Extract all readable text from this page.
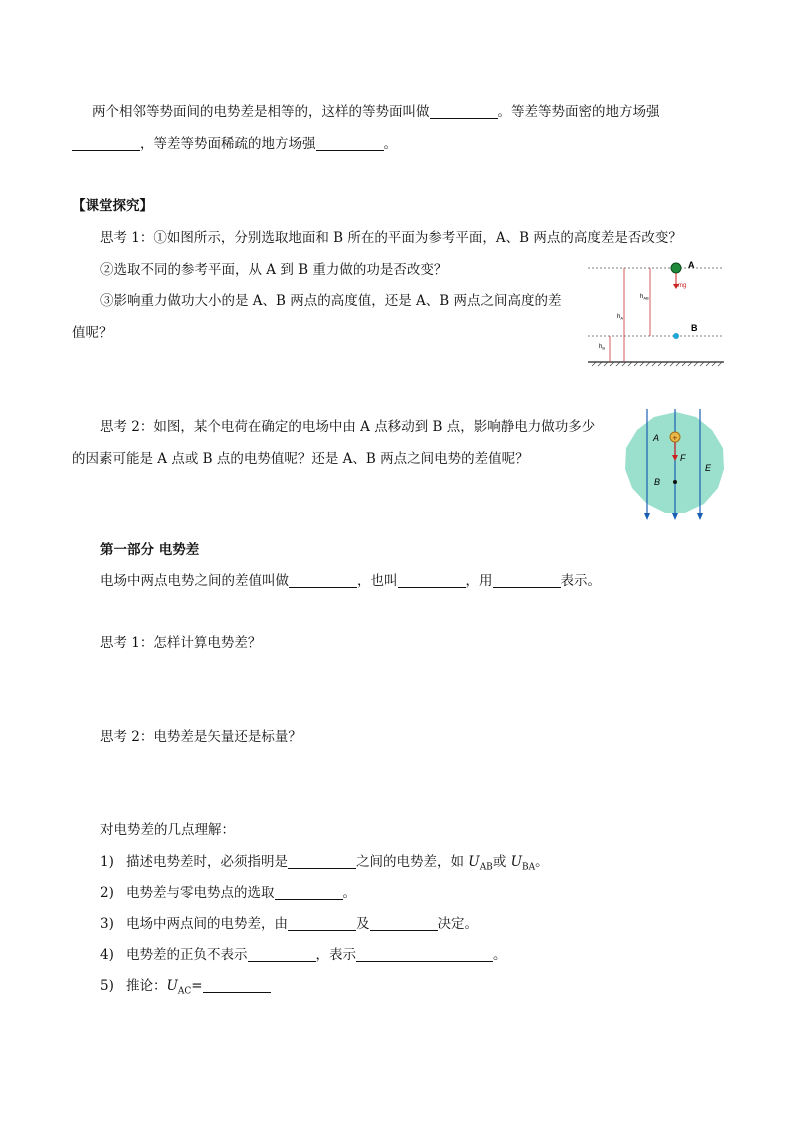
两个相邻等势面间的电势差是相等的，这样的等势面叫做	。等差等势面密的地方场强
，等差等势面稀疏的地方场强	。
【课堂探究】
思考 1：①如图所示，分别选取地面和 B 所在的平面为参考平面，A、B 两点的高度差是否改变？
②选取不同的参考平面，从 A 到 B 重力做的功是否改变？
③影响重力做功大小的是 A、B 两点的高度值，还是 A、B 两点之间高度的差
值呢？
mg
A
B
$h_{AB}$
$h_A$
$h_B$
思考 2：如图，某个电荷在确定的电场中由 A 点移动到 B 点，影响静电力做功多少
的因素可能是 A 点或 B 点的电势值呢？还是 A、B 两点之间电势的差值呢？
+
A
F
B
E
第一部分 电势差
电场中两点电势之间的差值叫做	，也叫	，用	表示。
思考 1：怎样计算电势差？
思考 2：电势差是矢量还是标量？
对电势差的几点理解：
1) 描述电势差时，必须指明是	之间的电势差，如 $U_{AB}$或 $U_{BA}$。
2) 电势差与零电势点的选取	。
3) 电场中两点间的电势差，由	及	决定。
4) 电势差的正负不表示	，表示	。
5) 推论：$U_{AC}=$
